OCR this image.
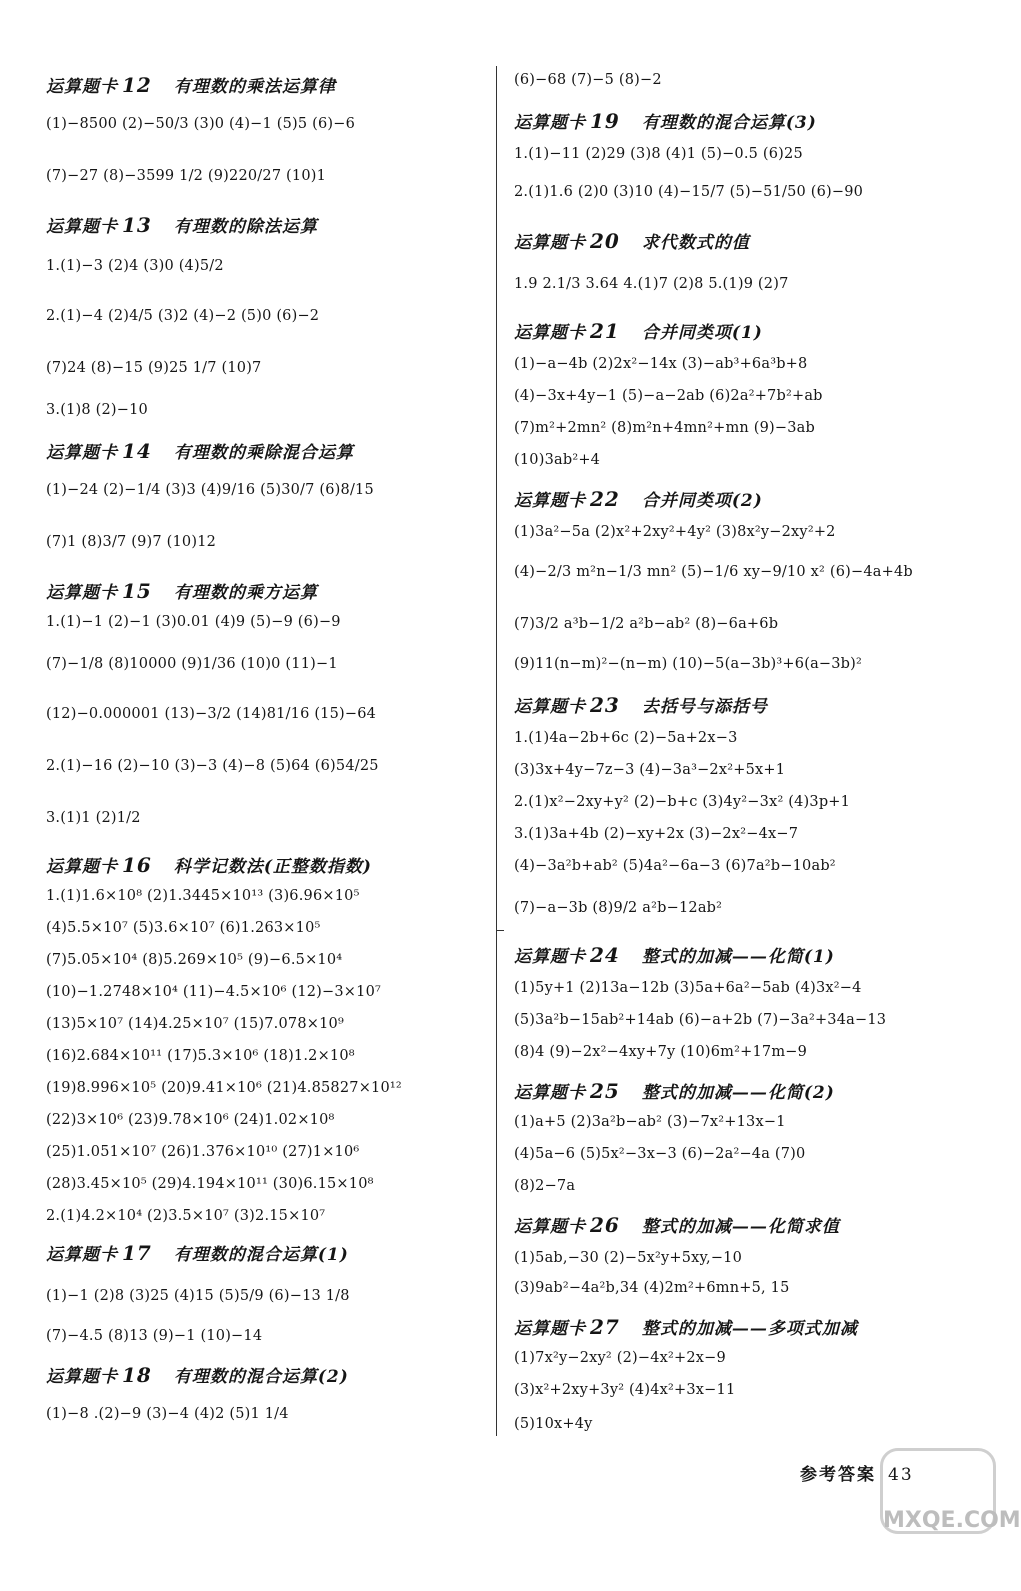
运算题卡 12 有理数的乘法运算律
(1)−8500 (2)−50/3 (3)0 (4)−1 (5)5 (6)−6
(7)−27 (8)−3599 1/2 (9)220/27 (10)1
运算题卡 13 有理数的除法运算
1.(1)−3 (2)4 (3)0 (4)5/2
2.(1)−4 (2)4/5 (3)2 (4)−2 (5)0 (6)−2
(7)24 (8)−15 (9)25 1/7 (10)7
3.(1)8 (2)−10
运算题卡 14 有理数的乘除混合运算
(1)−24 (2)−1/4 (3)3 (4)9/16 (5)30/7 (6)8/15
(7)1 (8)3/7 (9)7 (10)12
运算题卡 15 有理数的乘方运算
1.(1)−1 (2)−1 (3)0.01 (4)9 (5)−9 (6)−9
(7)−1/8 (8)10000 (9)1/36 (10)0 (11)−1
(12)−0.000001 (13)−3/2 (14)81/16 (15)−64
2.(1)−16 (2)−10 (3)−3 (4)−8 (5)64 (6)54/25
3.(1)1 (2)1/2
运算题卡 16 科学记数法(正整数指数)
1.(1)1.6×10⁸ (2)1.3445×10¹³ (3)6.96×10⁵
(4)5.5×10⁷ (5)3.6×10⁷ (6)1.263×10⁵
(7)5.05×10⁴ (8)5.269×10⁵ (9)−6.5×10⁴
(10)−1.2748×10⁴ (11)−4.5×10⁶ (12)−3×10⁷
(13)5×10⁷ (14)4.25×10⁷ (15)7.078×10⁹
(16)2.684×10¹¹ (17)5.3×10⁶ (18)1.2×10⁸
(19)8.996×10⁵ (20)9.41×10⁶ (21)4.85827×10¹²
(22)3×10⁶ (23)9.78×10⁶ (24)1.02×10⁸
(25)1.051×10⁷ (26)1.376×10¹⁰ (27)1×10⁶
(28)3.45×10⁵ (29)4.194×10¹¹ (30)6.15×10⁸
2.(1)4.2×10⁴ (2)3.5×10⁷ (3)2.15×10⁷
运算题卡 17 有理数的混合运算(1)
(1)−1 (2)8 (3)25 (4)15 (5)5/9 (6)−13 1/8
(7)−4.5 (8)13 (9)−1 (10)−14
运算题卡 18 有理数的混合运算(2)
(1)−8 .(2)−9 (3)−4 (4)2 (5)1 1/4
(6)−68 (7)−5 (8)−2
运算题卡 19 有理数的混合运算(3)
1.(1)−11 (2)29 (3)8 (4)1 (5)−0.5 (6)25
2.(1)1.6 (2)0 (3)10 (4)−15/7 (5)−51/50 (6)−90
运算题卡 20 求代数式的值
1.9 2.1/3 3.64 4.(1)7 (2)8 5.(1)9 (2)7
运算题卡 21 合并同类项(1)
(1)−a−4b (2)2x²−14x (3)−ab³+6a³b+8
(4)−3x+4y−1 (5)−a−2ab (6)2a²+7b²+ab
(7)m²+2mn² (8)m²n+4mn²+mn (9)−3ab
(10)3ab²+4
运算题卡 22 合并同类项(2)
(1)3a²−5a (2)x²+2xy²+4y² (3)8x²y−2xy²+2
(4)−2/3 m²n−1/3 mn² (5)−1/6 xy−9/10 x² (6)−4a+4b
(7)3/2 a³b−1/2 a²b−ab² (8)−6a+6b
(9)11(n−m)²−(n−m) (10)−5(a−3b)³+6(a−3b)²
运算题卡 23 去括号与添括号
1.(1)4a−2b+6c (2)−5a+2x−3
(3)3x+4y−7z−3 (4)−3a³−2x²+5x+1
2.(1)x²−2xy+y² (2)−b+c (3)4y²−3x² (4)3p+1
3.(1)3a+4b (2)−xy+2x (3)−2x²−4x−7
(4)−3a²b+ab² (5)4a²−6a−3 (6)7a²b−10ab²
(7)−a−3b (8)9/2 a²b−12ab²
运算题卡 24 整式的加减——化简(1)
(1)5y+1 (2)13a−12b (3)5a+6a²−5ab (4)3x²−4
(5)3a²b−15ab²+14ab (6)−a+2b (7)−3a²+34a−13
(8)4 (9)−2x²−4xy+7y (10)6m²+17m−9
运算题卡 25 整式的加减——化简(2)
(1)a+5 (2)3a²b−ab² (3)−7x²+13x−1
(4)5a−6 (5)5x²−3x−3 (6)−2a²−4a (7)0
(8)2−7a
运算题卡 26 整式的加减——化简求值
(1)5ab,−30 (2)−5x²y+5xy,−10
(3)9ab²−4a²b,34 (4)2m²+6mn+5, 15
运算题卡 27 整式的加减——多项式加减
(1)7x²y−2xy² (2)−4x²+2x−9
(3)x²+2xy+3y² (4)4x²+3x−11
(5)10x+4y
参考答案 43
MXQE.COM
